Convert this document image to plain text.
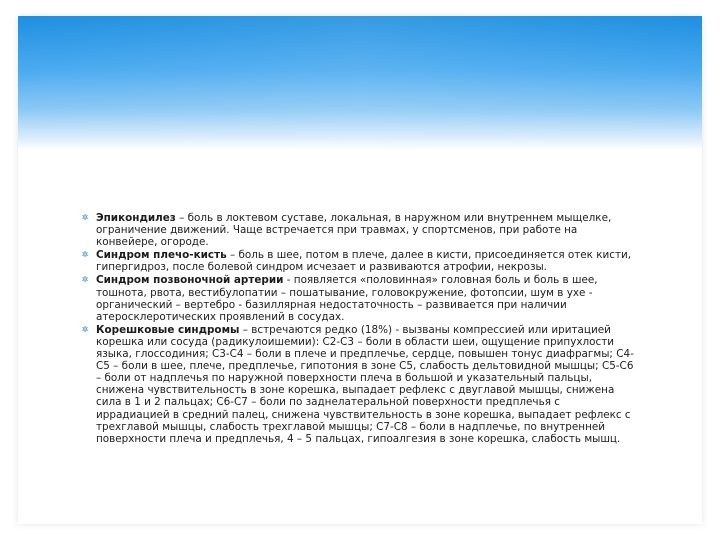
✲ Эпикондилез – боль в локтевом суставе, локальная, в наружном или внутреннем мыщелке, ограничение движений. Чаще встречается при травмах, у спортсменов, при работе на конвейере, огороде.

✲ Синдром плечо-кисть – боль в шее, потом в плече, далее в кисти, присоединяется отек кисти, гипергидроз, после болевой синдром исчезает и развиваются атрофии, некрозы.

✲ Синдром позвоночной артерии - появляется «половинная» головная боль и боль в шее, тошнота, рвота, вестибулопатии – пошатывание, головокружение, фотопсии, шум в ухе - органический – вертебро - базиллярная недостаточность – развивается при наличии атеросклеротических проявлений в сосудах.

✲ Корешковые синдромы – встречаются редко (18%) - вызваны компрессией или иритацией корешка или сосуда (радикулоишемии): С2-С3 – боли в области шеи, ощущение припухлости языка, глоссодиния; С3-С4 – боли в плече и предплечье, сердце, повышен тонус диафрагмы; С4-С5 – боли в шее, плече, предплечье, гипотония в зоне С5, слабость дельтовидной мышцы; С5-С6 – боли от надплечья по наружной поверхности плеча в большой и указательный пальцы, снижена чувствительность в зоне корешка, выпадает рефлекс с двуглавой мышцы, снижена сила в 1 и 2 пальцах; С6-С7 – боли по заднелатеральной поверхности предплечья с иррадиацией в средний палец, снижена чувствительность в зоне корешка, выпадает рефлекс с трехглавой мышцы, слабость трехглавой мышцы; С7-С8 – боли в надплечье, по внутренней поверхности плеча и предплечья, 4 – 5 пальцах, гипоалгезия в зоне корешка, слабость мышц.
